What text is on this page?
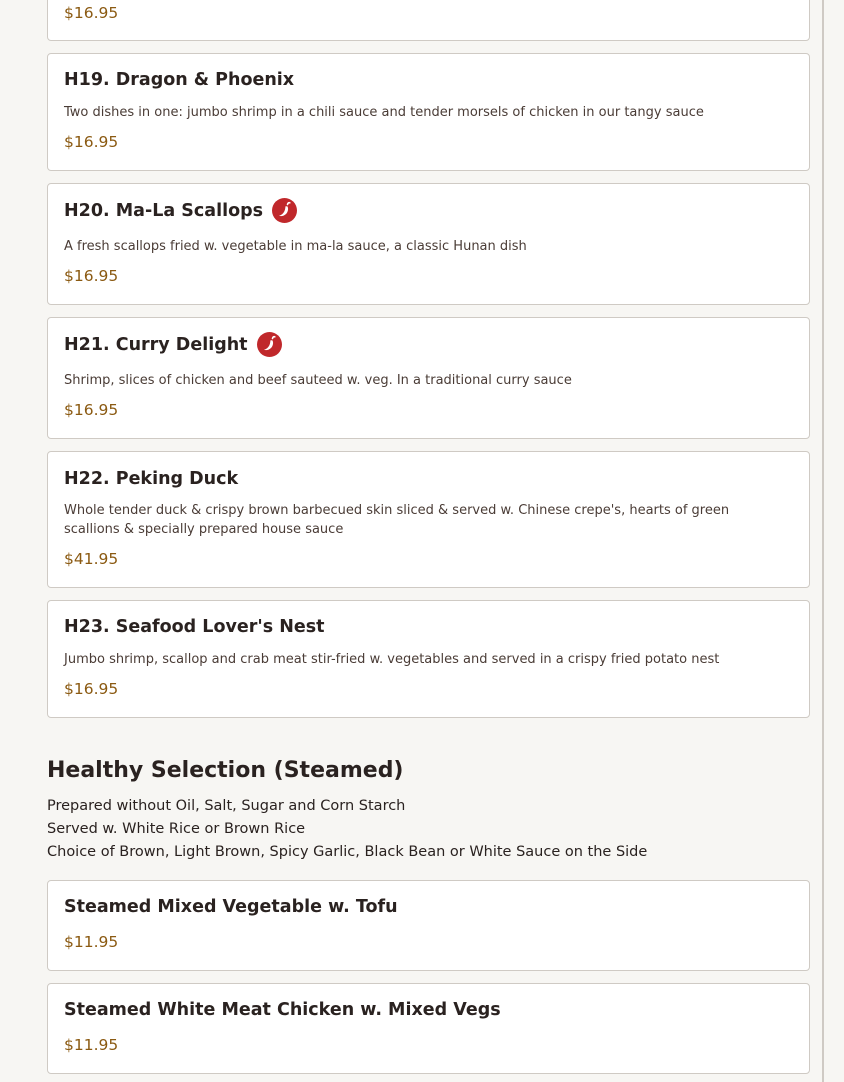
$16.95
H19. Dragon & Phoenix
Two dishes in one: jumbo shrimp in a chili sauce and tender morsels of chicken in our tangy sauce
$16.95
H20. Ma-La Scallops
A fresh scallops fried w. vegetable in ma-la sauce, a classic Hunan dish
$16.95
H21. Curry Delight
Shrimp, slices of chicken and beef sauteed w. veg. In a traditional curry sauce
$16.95
H22. Peking Duck
Whole tender duck & crispy brown barbecued skin sliced & served w. Chinese crepe's, hearts of green scallions & specially prepared house sauce
$41.95
H23. Seafood Lover's Nest
Jumbo shrimp, scallop and crab meat stir-fried w. vegetables and served in a crispy fried potato nest
$16.95
Healthy Selection (Steamed)
Prepared without Oil, Salt, Sugar and Corn Starch
Served w. White Rice or Brown Rice
Choice of Brown, Light Brown, Spicy Garlic, Black Bean or White Sauce on the Side
Steamed Mixed Vegetable w. Tofu
$11.95
Steamed White Meat Chicken w. Mixed Vegs
$11.95
